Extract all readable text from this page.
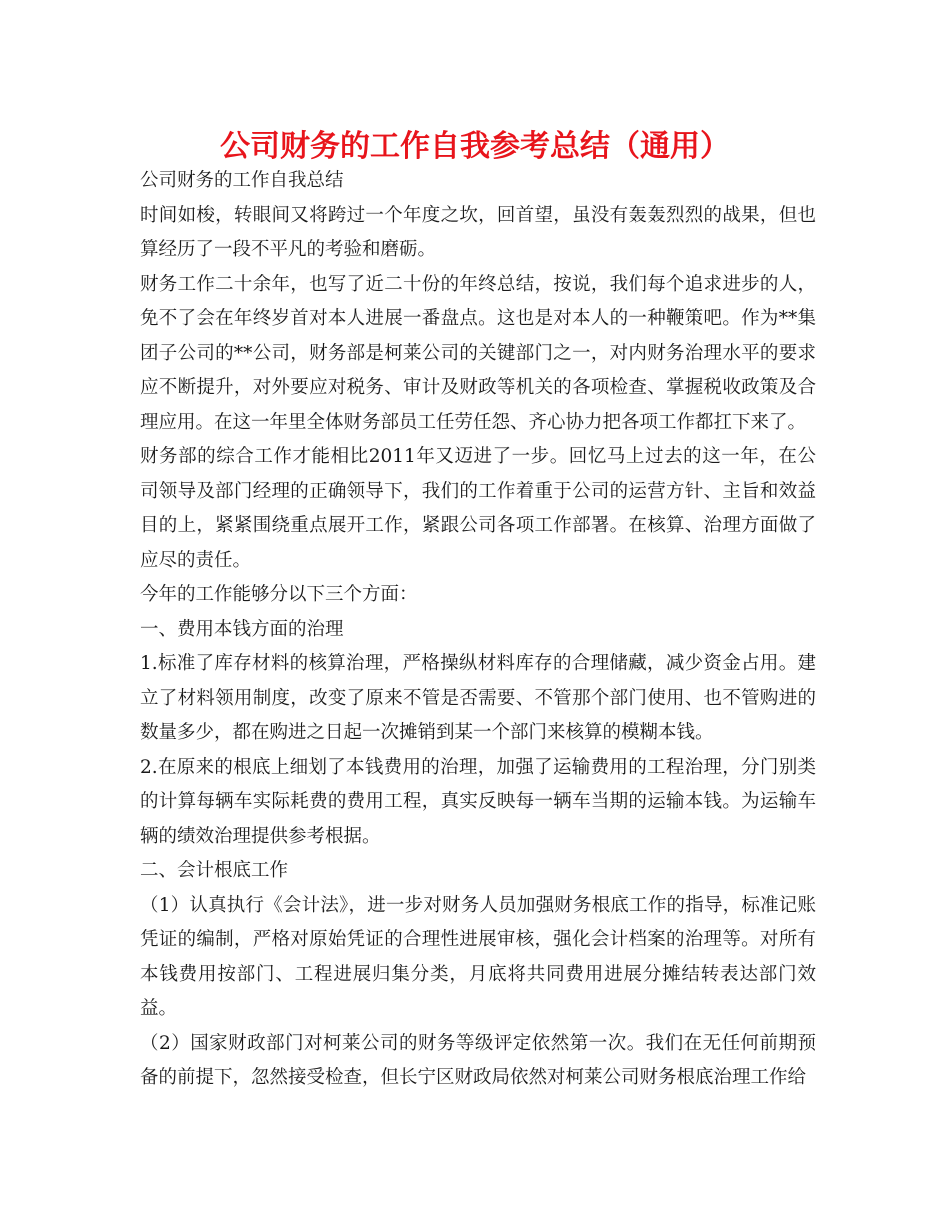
公司财务的工作自我参考总结（通用）

公司财务的工作自我总结

时间如梭，转眼间又将跨过一个年度之坎，回首望，虽没有轰轰烈烈的战果，但也算经历了一段不平凡的考验和磨砺。

财务工作二十余年，也写了近二十份的年终总结，按说，我们每个追求进步的人，免不了会在年终岁首对本人进展一番盘点。这也是对本人的一种鞭策吧。作为**集团子公司的**公司，财务部是柯莱公司的关键部门之一，对内财务治理水平的要求应不断提升，对外要应对税务、审计及财政等机关的各项检查、掌握税收政策及合理应用。在这一年里全体财务部员工任劳任怨、齐心协力把各项工作都扛下来了。

财务部的综合工作才能相比2011年又迈进了一步。回忆马上过去的这一年，在公司领导及部门经理的正确领导下，我们的工作着重于公司的运营方针、主旨和效益目的上，紧紧围绕重点展开工作，紧跟公司各项工作部署。在核算、治理方面做了应尽的责任。

今年的工作能够分以下三个方面：

一、费用本钱方面的治理

1.标准了库存材料的核算治理，严格操纵材料库存的合理储藏，减少资金占用。建立了材料领用制度，改变了原来不管是否需要、不管那个部门使用、也不管购进的数量多少，都在购进之日起一次摊销到某一个部门来核算的模糊本钱。

2.在原来的根底上细划了本钱费用的治理，加强了运输费用的工程治理，分门别类的计算每辆车实际耗费的费用工程，真实反映每一辆车当期的运输本钱。为运输车辆的绩效治理提供参考根据。

二、会计根底工作

（1）认真执行《会计法》，进一步对财务人员加强财务根底工作的指导，标准记账凭证的编制，严格对原始凭证的合理性进展审核，强化会计档案的治理等。对所有本钱费用按部门、工程进展归集分类，月底将共同费用进展分摊结转表达部门效益。

（2）国家财政部门对柯莱公司的财务等级评定依然第一次。我们在无任何前期预备的前提下，忽然接受检查，但长宁区财政局依然对柯莱公司财务根底治理工作给
